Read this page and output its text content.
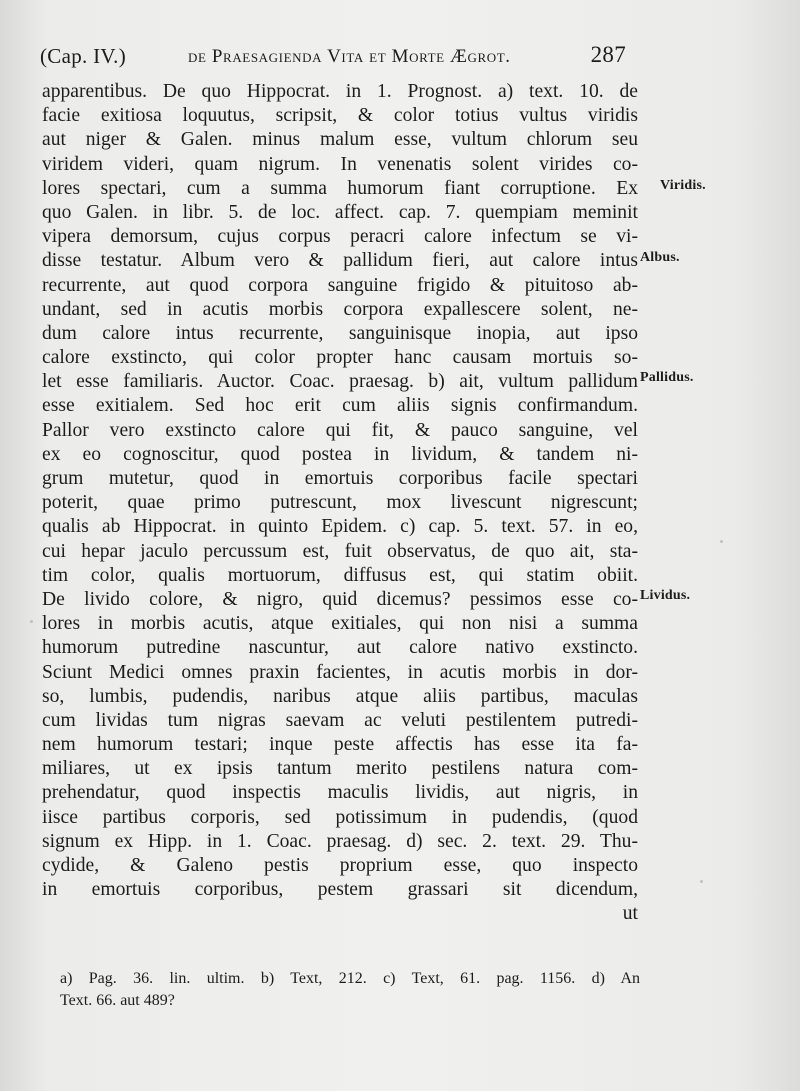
(Cap. IV.)	de Praesagienda Vita et Morte Ægrot.	287
apparentibus. De quo Hippocrat. in 1. Prognost. a) text. 10. de
facie exitiosa loquutus, scripsit, & color totius vultus viridis
aut niger & Galen. minus malum esse, vultum chlorum seu
viridem videri, quam nigrum. In venenatis solent virides co-
lores spectari, cum a summa humorum fiant corruptione. Ex
quo Galen. in libr. 5. de loc. affect. cap. 7. quempiam meminit
vipera demorsum, cujus corpus peracri calore infectum se vi-
disse testatur. Album vero & pallidum fieri, aut calore intus
recurrente, aut quod corpora sanguine frigido & pituitoso ab-
undant, sed in acutis morbis corpora expallescere solent, ne-
dum calore intus recurrente, sanguinisque inopia, aut ipso
calore exstincto, qui color propter hanc causam mortuis so-
let esse familiaris. Auctor. Coac. praesag. b) ait, vultum pallidum
esse exitialem. Sed hoc erit cum aliis signis confirmandum.
Pallor vero exstincto calore qui fit, & pauco sanguine, vel
ex eo cognoscitur, quod postea in lividum, & tandem ni-
grum mutetur, quod in emortuis corporibus facile spectari
poterit, quae primo putrescunt, mox livescunt nigrescunt;
qualis ab Hippocrat. in quinto Epidem. c) cap. 5. text. 57. in eo,
cui hepar jaculo percussum est, fuit observatus, de quo ait, sta-
tim color, qualis mortuorum, diffusus est, qui statim obiit.
De livido colore, & nigro, quid dicemus? pessimos esse co-
lores in morbis acutis, atque exitiales, qui non nisi a summa
humorum putredine nascuntur, aut calore nativo exstincto.
Sciunt Medici omnes praxin facientes, in acutis morbis in dor-
so, lumbis, pudendis, naribus atque aliis partibus, maculas
cum lividas tum nigras saevam ac veluti pestilentem putredi-
nem humorum testari; inque peste affectis has esse ita fa-
miliares, ut ex ipsis tantum merito pestilens natura com-
prehendatur, quod inspectis maculis lividis, aut nigris, in
iisce partibus corporis, sed potissimum in pudendis, (quod
signum ex Hipp. in 1. Coac. praesag. d) sec. 2. text. 29. Thu-
cydide, & Galeno pestis proprium esse, quo inspecto
in emortuis corporibus, pestem grassari sit dicendum,
ut
Viridis.
Albus.
Pallidus.
Lividus.
a) Pag. 36. lin. ultim. b) Text, 212. c) Text, 61. pag. 1156. d) An
Text. 66. aut 489?
